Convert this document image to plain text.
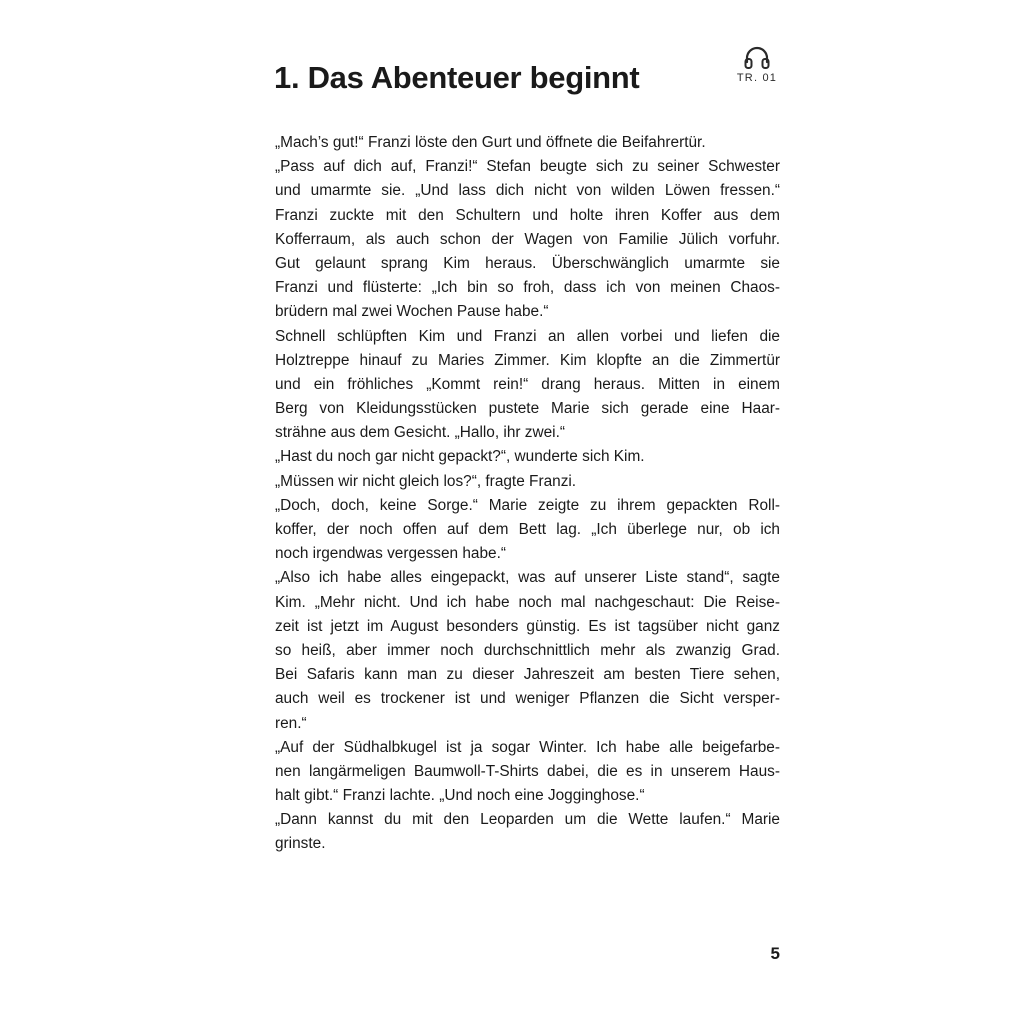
1. Das Abenteuer beginnt	TR. 01
„Mach’s gut!“ Franzi löste den Gurt und öffnete die Beifahrertür.
„Pass auf dich auf, Franzi!“ Stefan beugte sich zu seiner Schwester
und umarmte sie. „Und lass dich nicht von wilden Löwen fressen.“
Franzi zuckte mit den Schultern und holte ihren Koffer aus dem
Kofferraum, als auch schon der Wagen von Familie Jülich vorfuhr.
Gut gelaunt sprang Kim heraus. Überschwänglich umarmte sie
Franzi und flüsterte: „Ich bin so froh, dass ich von meinen Chaos-
brüdern mal zwei Wochen Pause habe.“
Schnell schlüpften Kim und Franzi an allen vorbei und liefen die
Holztreppe hinauf zu Maries Zimmer. Kim klopfte an die Zimmertür
und ein fröhliches „Kommt rein!“ drang heraus. Mitten in einem
Berg von Kleidungsstücken pustete Marie sich gerade eine Haar-
strähne aus dem Gesicht. „Hallo, ihr zwei.“
„Hast du noch gar nicht gepackt?“, wunderte sich Kim.
„Müssen wir nicht gleich los?“, fragte Franzi.
„Doch, doch, keine Sorge.“ Marie zeigte zu ihrem gepackten Roll-
koffer, der noch offen auf dem Bett lag. „Ich überlege nur, ob ich
noch irgendwas vergessen habe.“
„Also ich habe alles eingepackt, was auf unserer Liste stand“, sagte
Kim. „Mehr nicht. Und ich habe noch mal nachgeschaut: Die Reise-
zeit ist jetzt im August besonders günstig. Es ist tagsüber nicht ganz
so heiß, aber immer noch durchschnittlich mehr als zwanzig Grad.
Bei Safaris kann man zu dieser Jahreszeit am besten Tiere sehen,
auch weil es trockener ist und weniger Pflanzen die Sicht versper-
ren.“
„Auf der Südhalbkugel ist ja sogar Winter. Ich habe alle beigefarbe-
nen langärmeligen Baumwoll-T-Shirts dabei, die es in unserem Haus-
halt gibt.“ Franzi lachte. „Und noch eine Jogginghose.“
„Dann kannst du mit den Leoparden um die Wette laufen.“ Marie
grinste.
5
